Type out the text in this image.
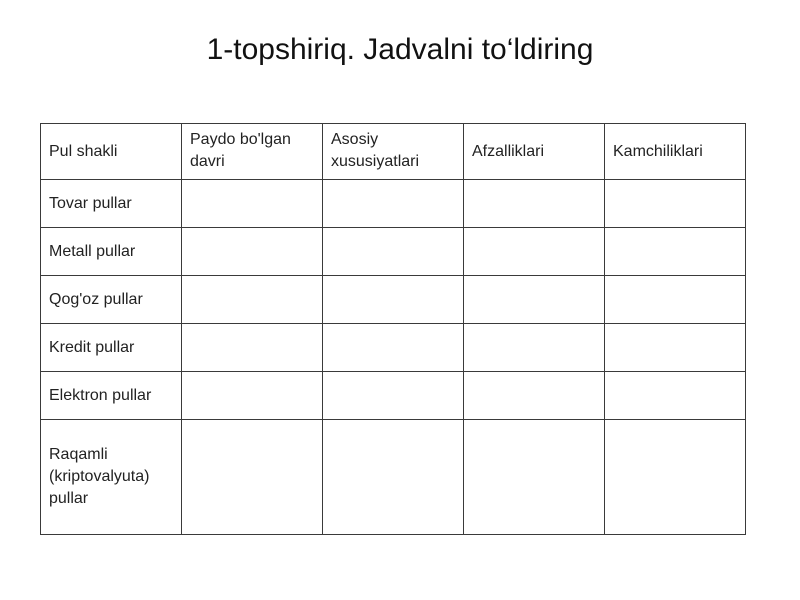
1-topshiriq. Jadvalni to‘ldiring
Pul shakli	Paydo bo'lgan davri	Asosiy xususiyatlari	Afzalliklari	Kamchiliklari
Tovar pullar				
Metall pullar				
Qog'oz pullar				
Kredit pullar				
Elektron pullar				
Raqamli (kriptovalyuta) pullar				
